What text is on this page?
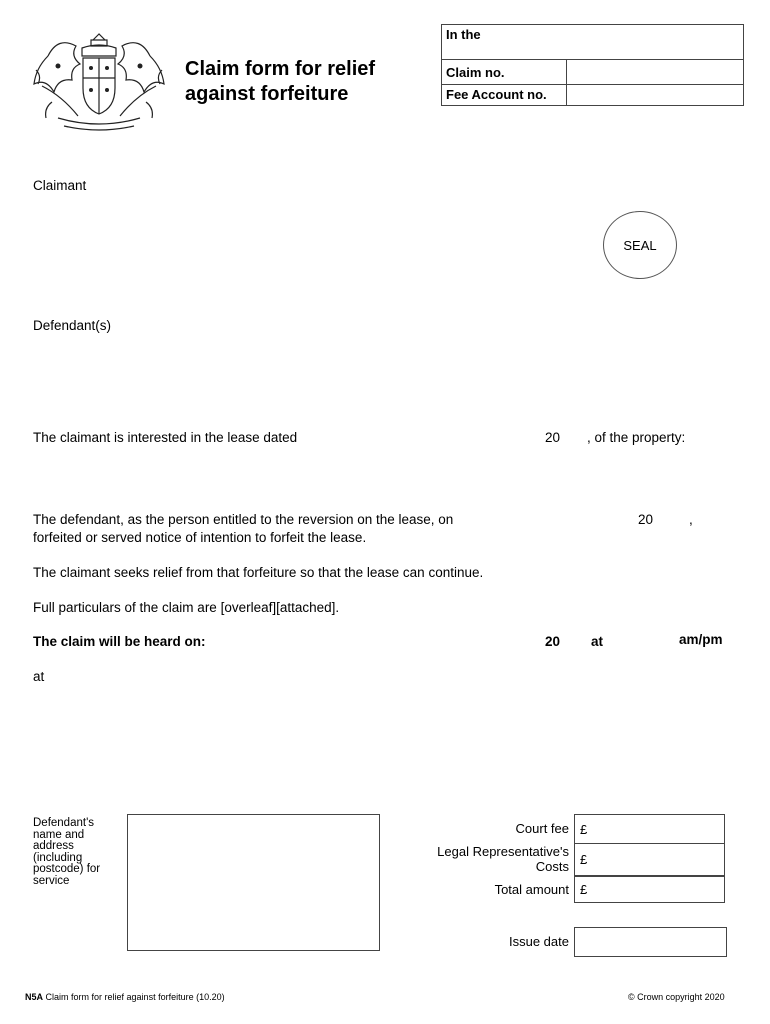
Claim form for relief
against forfeiture
In the	
Claim no.	
Fee Account no.	
Claimant
SEAL
Defendant(s)
The claimant is interested in the lease dated	20 , of the property:
The defendant, as the person entitled to the reversion on the lease, on	20	,
forfeited or served notice of intention to forfeit the lease.
The claimant seeks relief from that forfeiture so that the lease can continue.
Full particulars of the claim are [overleaf][attached].
The claim will be heard on:	20 at	am/pm
at
Defendant's name and address (including postcode) for service
Court fee £
Legal Representative's
Costs £
Total amount £
Issue date
N5A Claim form for relief against forfeiture (10.20)	© Crown copyright 2020
